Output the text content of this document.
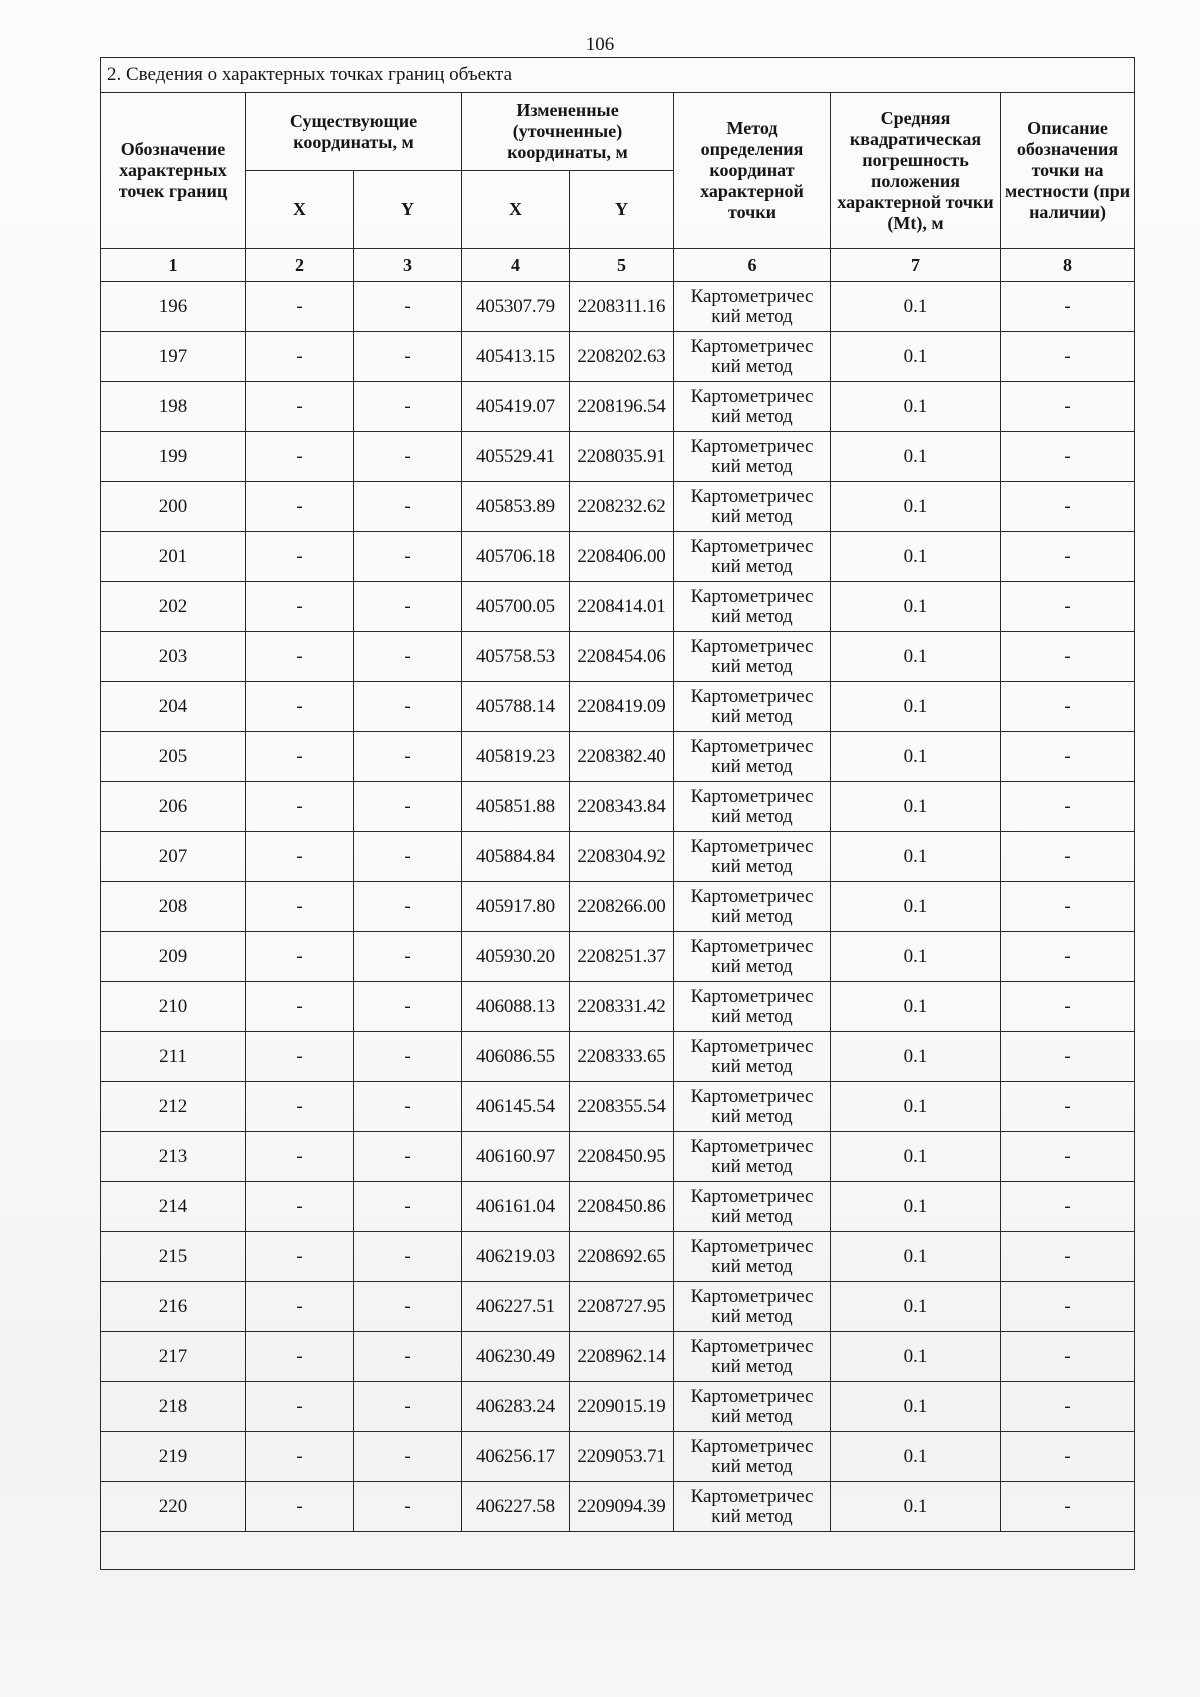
106
2. Сведения о характерных точках границ объекта							
Обозначение характерных точек границ	Существующие координаты, м		Измененные (уточненные) координаты, м		Метод определения координат характерной точки	Средняя квадратическая погрешность положения характерной точки (Mt), м	Описание обозначения точки на местности (при наличии)
	X	Y	X	Y			
1	2	3	4	5	6	7	8
196	-	-	405307.79	2208311.16	Картометричес кий метод	0.1	-
197	-	-	405413.15	2208202.63	Картометричес кий метод	0.1	-
198	-	-	405419.07	2208196.54	Картометричес кий метод	0.1	-
199	-	-	405529.41	2208035.91	Картометричес кий метод	0.1	-
200	-	-	405853.89	2208232.62	Картометричес кий метод	0.1	-
201	-	-	405706.18	2208406.00	Картометричес кий метод	0.1	-
202	-	-	405700.05	2208414.01	Картометричес кий метод	0.1	-
203	-	-	405758.53	2208454.06	Картометричес кий метод	0.1	-
204	-	-	405788.14	2208419.09	Картометричес кий метод	0.1	-
205	-	-	405819.23	2208382.40	Картометричес кий метод	0.1	-
206	-	-	405851.88	2208343.84	Картометричес кий метод	0.1	-
207	-	-	405884.84	2208304.92	Картометричес кий метод	0.1	-
208	-	-	405917.80	2208266.00	Картометричес кий метод	0.1	-
209	-	-	405930.20	2208251.37	Картометричес кий метод	0.1	-
210	-	-	406088.13	2208331.42	Картометричес кий метод	0.1	-
211	-	-	406086.55	2208333.65	Картометричес кий метод	0.1	-
212	-	-	406145.54	2208355.54	Картометричес кий метод	0.1	-
213	-	-	406160.97	2208450.95	Картометричес кий метод	0.1	-
214	-	-	406161.04	2208450.86	Картометричес кий метод	0.1	-
215	-	-	406219.03	2208692.65	Картометричес кий метод	0.1	-
216	-	-	406227.51	2208727.95	Картометричес кий метод	0.1	-
217	-	-	406230.49	2208962.14	Картометричес кий метод	0.1	-
218	-	-	406283.24	2209015.19	Картометричес кий метод	0.1	-
219	-	-	406256.17	2209053.71	Картометричес кий метод	0.1	-
220	-	-	406227.58	2209094.39	Картометричес кий метод	0.1	-
